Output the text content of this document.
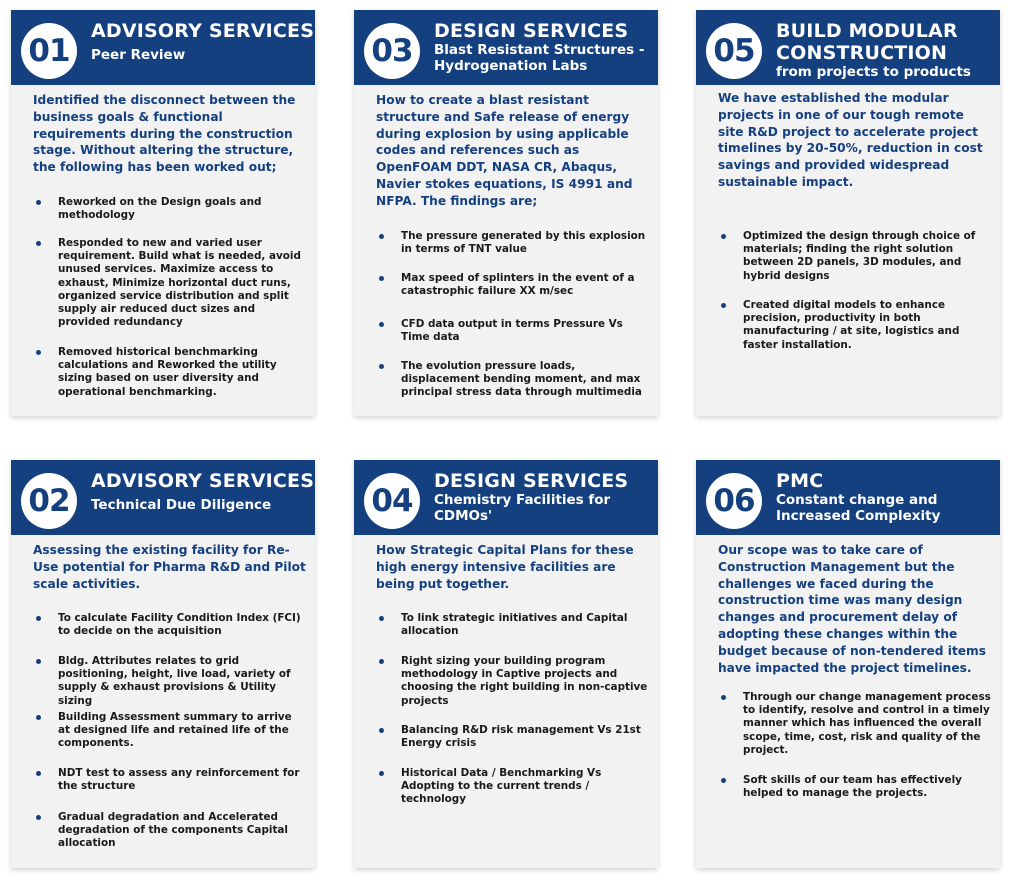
01
ADVISORY SERVICES
Peer Review
Identified the disconnect between the business goals & functional requirements during the construction stage. Without altering the structure, the following has been worked out;
Reworked on the Design goals and methodology
Responded to new and varied user requirement. Build what is needed, avoid unused services. Maximize access to exhaust, Minimize horizontal duct runs, organized service distribution and split supply air reduced duct sizes and provided redundancy
Removed historical benchmarking calculations and Reworked the utility sizing based on user diversity and operational benchmarking.
03
DESIGN SERVICES
Blast Resistant Structures - Hydrogenation Labs
How to create a blast resistant structure and Safe release of energy during explosion by using applicable codes and references such as OpenFOAM DDT, NASA CR, Abaqus, Navier stokes equations, IS 4991 and NFPA. The findings are;
The pressure generated by this explosion in terms of TNT value
Max speed of splinters in the event of a catastrophic failure XX m/sec
CFD data output in terms Pressure Vs Time data
The evolution pressure loads, displacement bending moment, and max principal stress data through multimedia
05
BUILD MODULAR CONSTRUCTION
from projects to products
We have established the modular projects in one of our tough remote site R&D project to accelerate project timelines by 20-50%, reduction in cost savings and provided widespread sustainable impact.
Optimized the design through choice of materials; finding the right solution between 2D panels, 3D modules, and hybrid designs
Created digital models to enhance precision, productivity in both manufacturing / at site, logistics and faster installation.
02
ADVISORY SERVICES
Technical Due Diligence
Assessing the existing facility for Re-Use potential for Pharma R&D and Pilot scale activities.
To calculate Facility Condition Index (FCI) to decide on the acquisition
Bldg. Attributes relates to grid positioning, height, live load, variety of supply & exhaust provisions & Utility sizing
Building Assessment summary to arrive at designed life and retained life of the components.
NDT test to assess any reinforcement for the structure
Gradual degradation and Accelerated degradation of the components Capital allocation
04
DESIGN SERVICES
Chemistry Facilities for CDMOs'
How Strategic Capital Plans for these high energy intensive facilities are being put together.
To link strategic initiatives and Capital allocation
Right sizing your building program methodology in Captive projects and choosing the right building in non-captive projects
Balancing R&D risk management Vs 21st Energy crisis
Historical Data / Benchmarking Vs Adopting to the current trends / technology
06
PMC
Constant change and Increased Complexity
Our scope was to take care of Construction Management but the challenges we faced during the construction time was many design changes and procurement delay of adopting these changes within the budget because of non-tendered items have impacted the project timelines.
Through our change management process to identify, resolve and control in a timely manner which has influenced the overall scope, time, cost, risk and quality of the project.
Soft skills of our team has effectively helped to manage the projects.
